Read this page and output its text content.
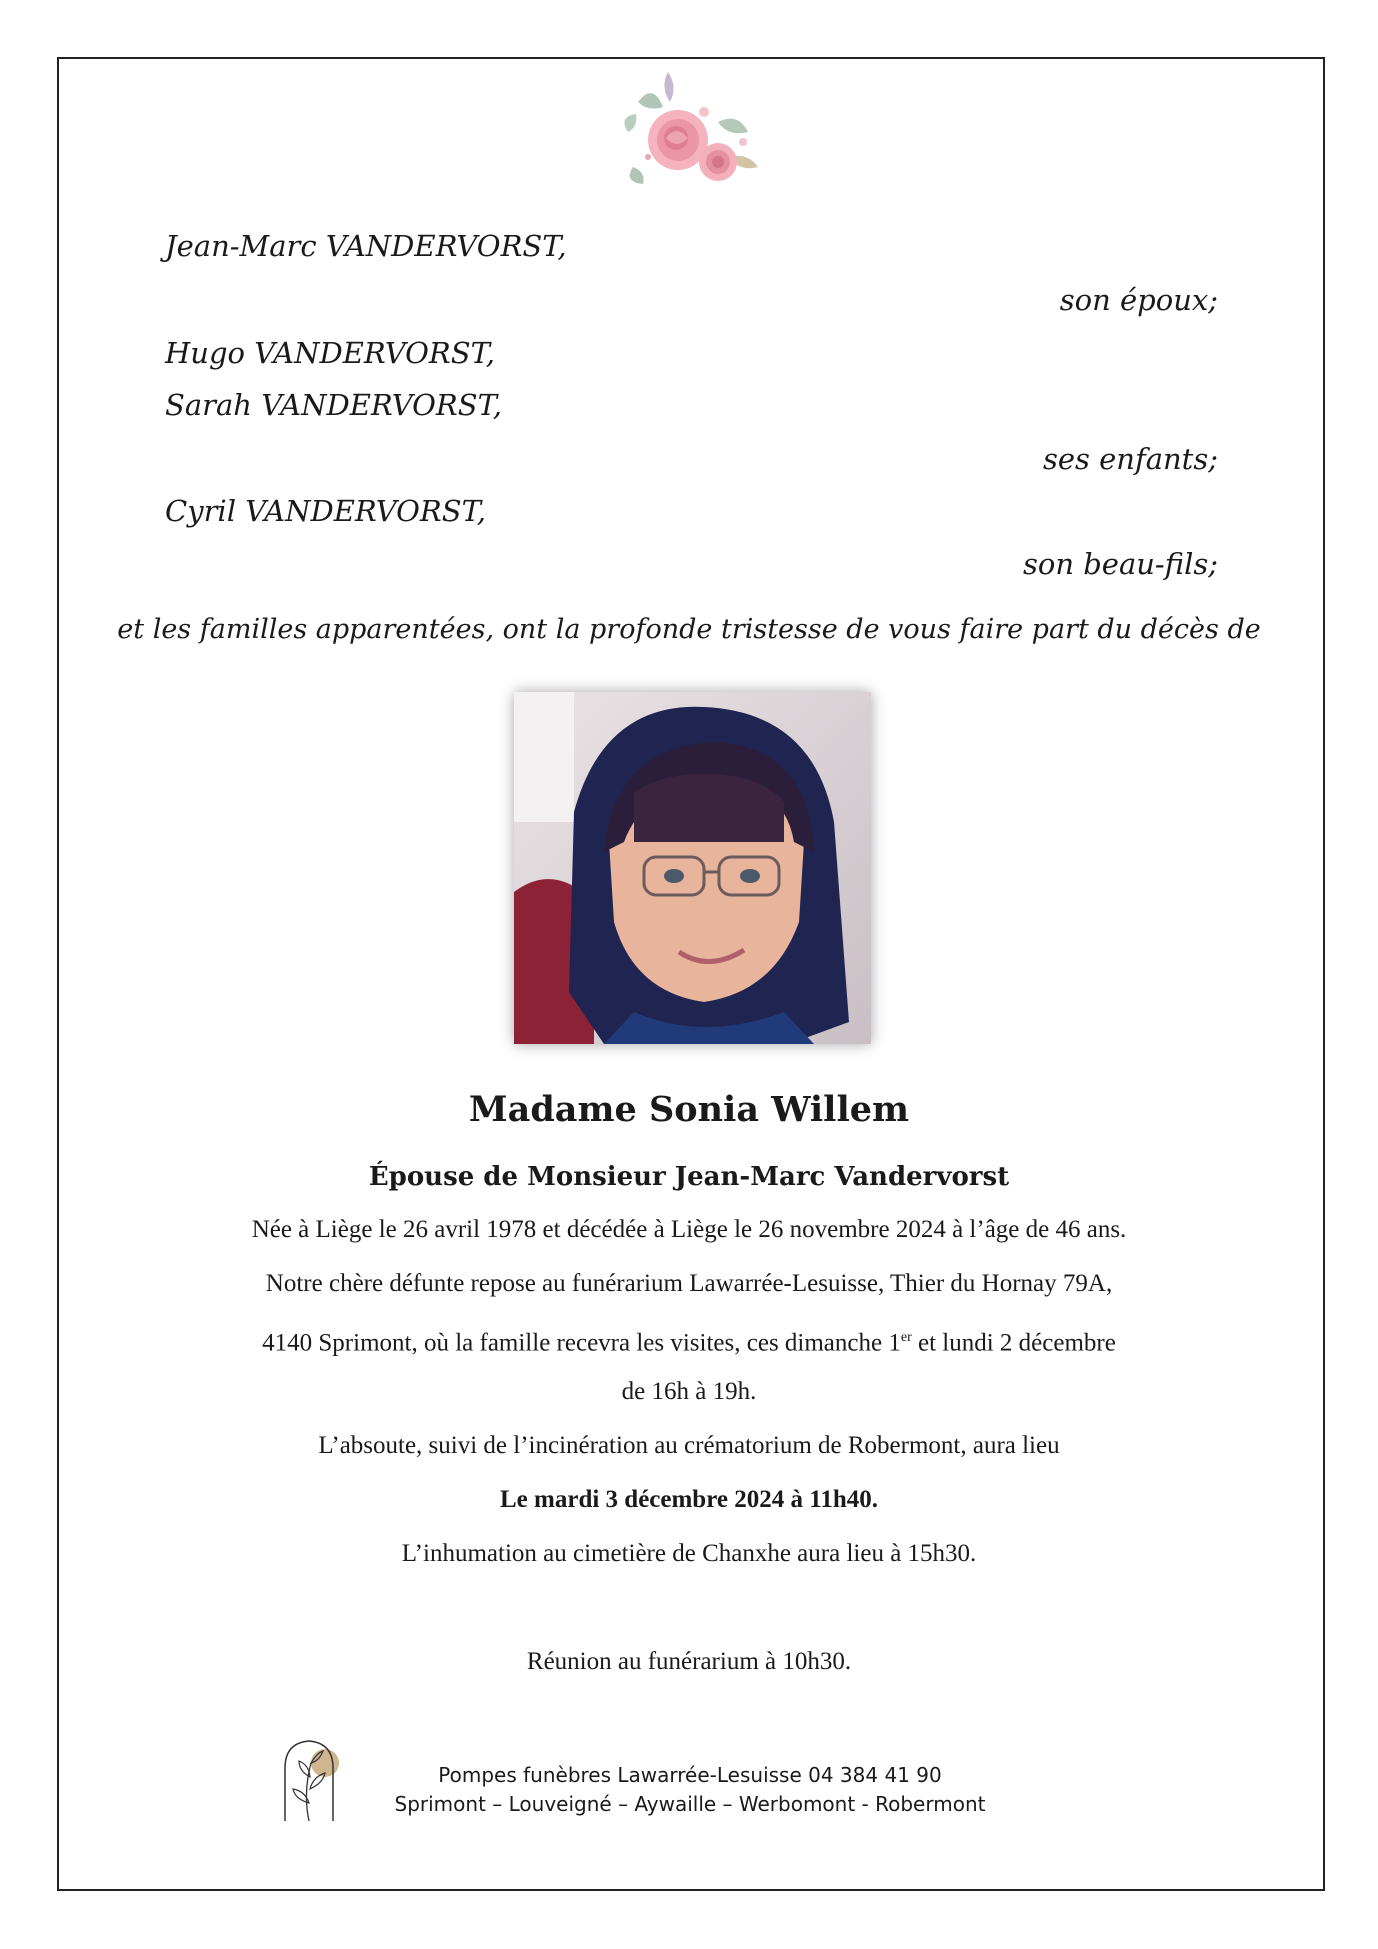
Jean-Marc VANDERVORST,
son époux;
Hugo VANDERVORST,
Sarah VANDERVORST,
ses enfants;
Cyril VANDERVORST,
son beau-fils;
et les familles apparentées, ont la profonde tristesse de vous faire part du décès de
Madame Sonia Willem
Épouse de Monsieur Jean-Marc Vandervorst
Née à Liège le 26 avril 1978 et décédée à Liège le 26 novembre 2024 à l’âge de 46 ans.
Notre chère défunte repose au funérarium Lawarrée-Lesuisse, Thier du Hornay 79A,
4140 Sprimont, où la famille recevra les visites, ces dimanche 1er et lundi 2 décembre
de 16h à 19h.
L’absoute, suivi de l’incinération au crématorium de Robermont, aura lieu
Le mardi 3 décembre 2024 à 11h40.
L’inhumation au cimetière de Chanxhe aura lieu à 15h30.
Réunion au funérarium à 10h30.
Pompes funèbres Lawarrée-Lesuisse 04 384 41 90
Sprimont – Louveigné – Aywaille – Werbomont - Robermont
